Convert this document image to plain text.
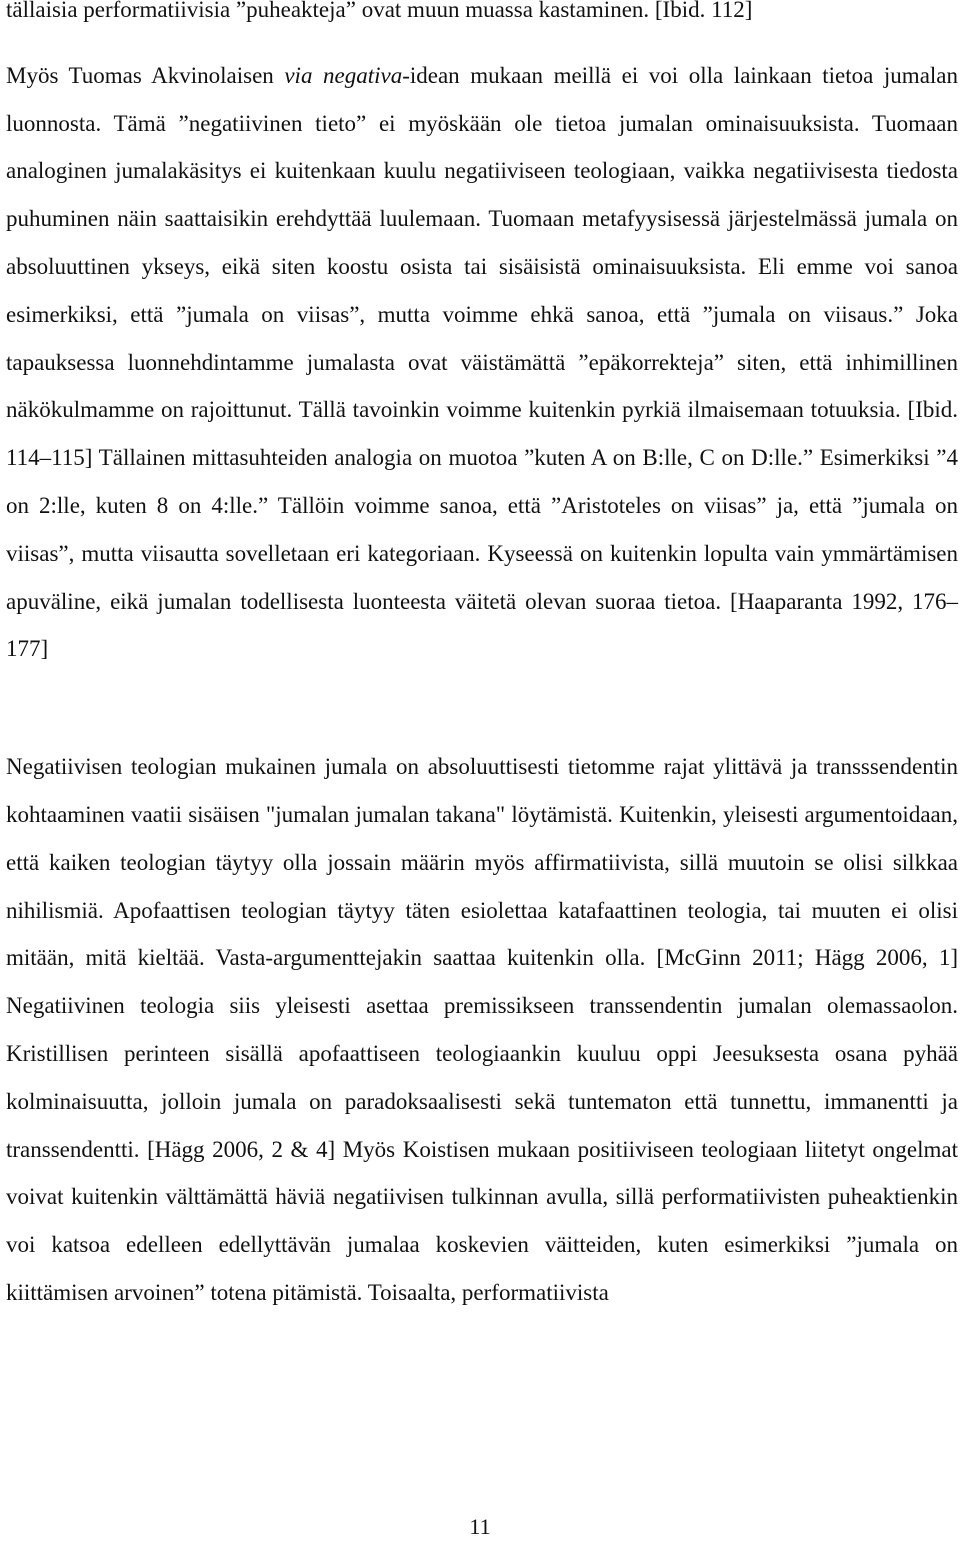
tällaisia performatiivisia ”puheakteja” ovat muun muassa kastaminen. [Ibid. 112]

Myös Tuomas Akvinolaisen via negativa-idean mukaan meillä ei voi olla lainkaan tietoa jumalan luonnosta. Tämä ”negatiivinen tieto” ei myöskään ole tietoa jumalan ominaisuuksista. Tuomaan analoginen jumalakäsitys ei kuitenkaan kuulu negatiiviseen teologiaan, vaikka negatiivisesta tiedosta puhuminen näin saattaisikin erehdyttää luulemaan. Tuomaan metafyysisessä järjestelmässä jumala on absoluuttinen ykseys, eikä siten koostu osista tai sisäisistä ominaisuuksista. Eli emme voi sanoa esimerkiksi, että ”jumala on viisas”, mutta voimme ehkä sanoa, että ”jumala on viisaus.” Joka tapauksessa luonnehdintamme jumalasta ovat väistämättä ”epäkorrekteja” siten, että inhimillinen näkökulmamme on rajoittunut. Tällä tavoinkin voimme kuitenkin pyrkiä ilmaisemaan totuuksia. [Ibid. 114–115] Tällainen mittasuhteiden analogia on muotoa ”kuten A on B:lle, C on D:lle.” Esimerkiksi ”4 on 2:lle, kuten 8 on 4:lle.” Tällöin voimme sanoa, että ”Aristoteles on viisas” ja, että ”jumala on viisas”, mutta viisautta sovelletaan eri kategoriaan. Kyseessä on kuitenkin lopulta vain ymmärtämisen apuväline, eikä jumalan todellisesta luonteesta väitetä olevan suoraa tietoa. [Haaparanta 1992, 176–177]

Negatiivisen teologian mukainen jumala on absoluuttisesti tietomme rajat ylittävä ja transssendentin kohtaaminen vaatii sisäisen "jumalan jumalan takana" löytämistä. Kuitenkin, yleisesti argumentoidaan, että kaiken teologian täytyy olla jossain määrin myös affirmatiivista, sillä muutoin se olisi silkkaa nihilismiä. Apofaattisen teologian täytyy täten esiolettaa katafaattinen teologia, tai muuten ei olisi mitään, mitä kieltää. Vasta-argumenttejakin saattaa kuitenkin olla. [McGinn 2011; Hägg 2006, 1] Negatiivinen teologia siis yleisesti asettaa premissikseen transsendentin jumalan olemassaolon. Kristillisen perinteen sisällä apofaattiseen teologiaankin kuuluu oppi Jeesuksesta osana pyhää kolminaisuutta, jolloin jumala on paradoksaalisesti sekä tuntematon että tunnettu, immanentti ja transsendentti. [Hägg 2006, 2 & 4] Myös Koistisen mukaan positiiviseen teologiaan liitetyt ongelmat voivat kuitenkin välttämättä häviä negatiivisen tulkinnan avulla, sillä performatiivisten puheaktienkin voi katsoa edelleen edellyttävän jumalaa koskevien väitteiden, kuten esimerkiksi ”jumala on kiittämisen arvoinen” totena pitämistä. Toisaalta, performatiivista

11
